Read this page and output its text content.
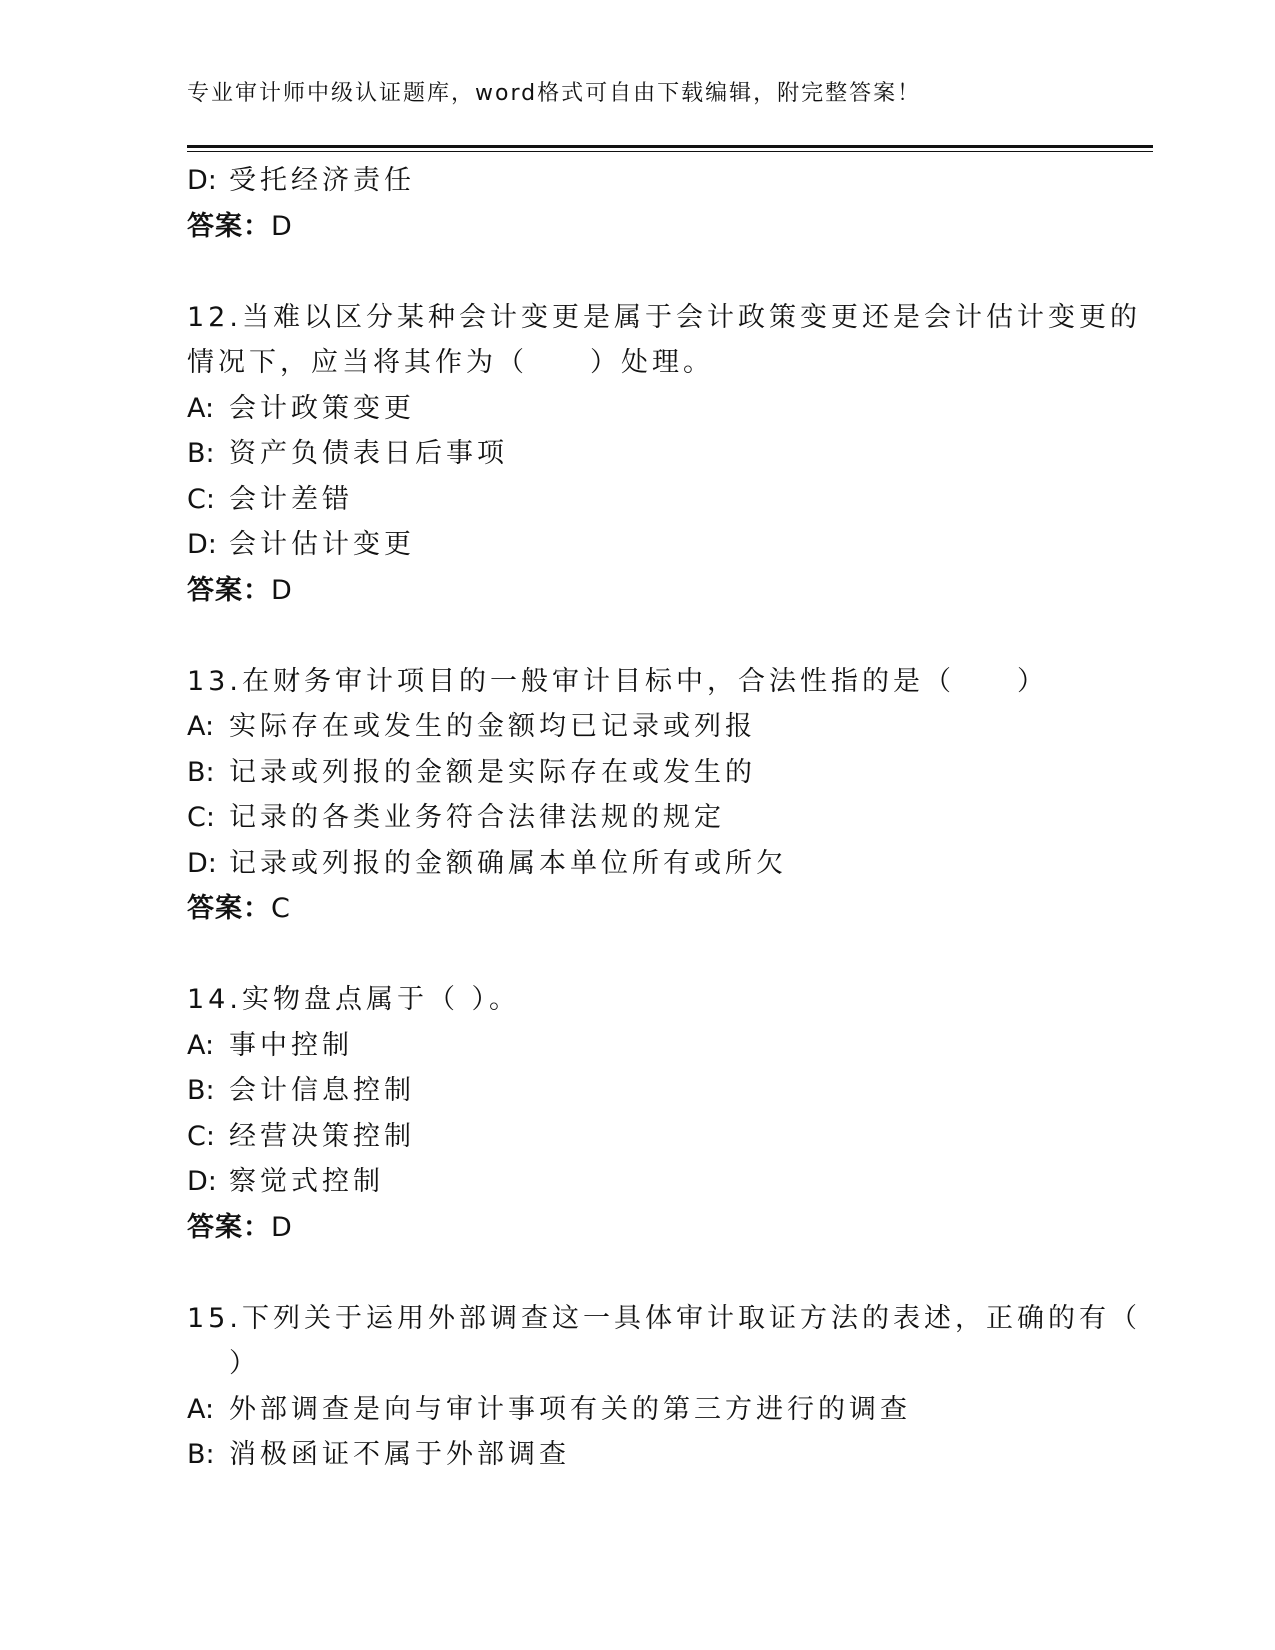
专业审计师中级认证题库，word格式可自由下载编辑，附完整答案！
D: 受托经济责任
答案：D
12.当难以区分某种会计变更是属于会计政策变更还是会计估计变更的
情况下，应当将其作为（　　）处理。
A: 会计政策变更
B: 资产负债表日后事项
C: 会计差错
D: 会计估计变更
答案：D
13.在财务审计项目的一般审计目标中，合法性指的是（　　）
A: 实际存在或发生的金额均已记录或列报
B: 记录或列报的金额是实际存在或发生的
C: 记录的各类业务符合法律法规的规定
D: 记录或列报的金额确属本单位所有或所欠
答案：C
14.实物盘点属于（ ）。
A: 事中控制
B: 会计信息控制
C: 经营决策控制
D: 察觉式控制
答案：D
15.下列关于运用外部调查这一具体审计取证方法的表述，正确的有（
）
A: 外部调查是向与审计事项有关的第三方进行的调查
B: 消极函证不属于外部调查
